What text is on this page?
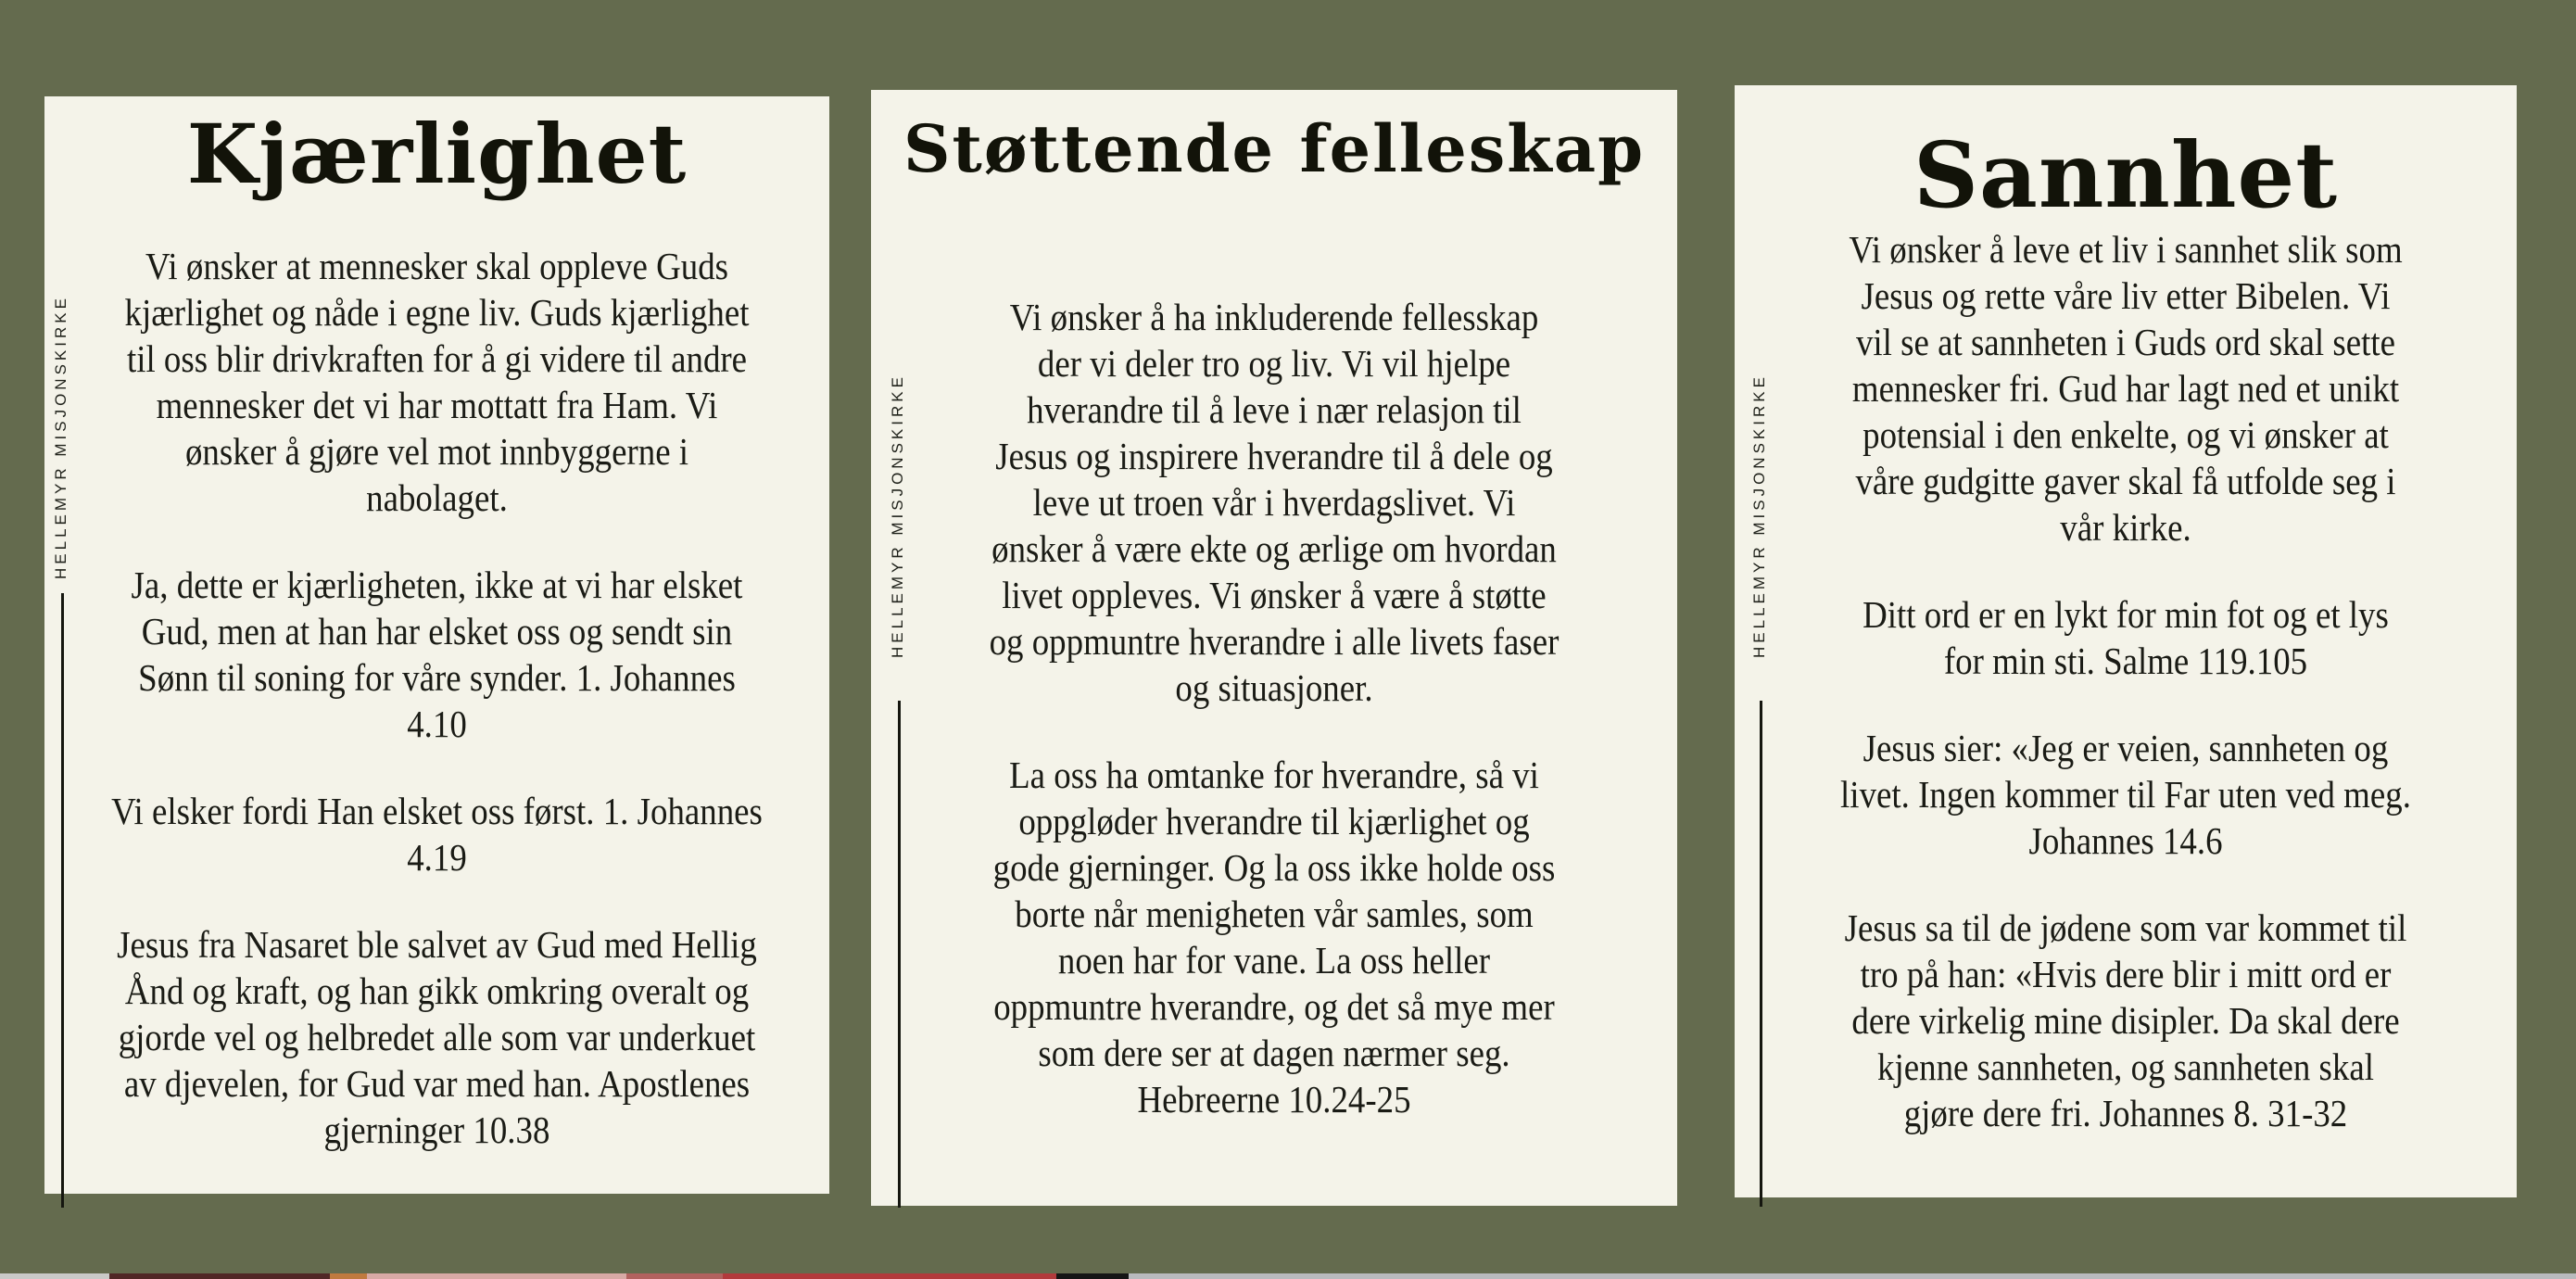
Kjærlighet
HELLEMYR MISJONSKIRKE
Vi ønsker at mennesker skal oppleve Guds
kjærlighet og nåde i egne liv. Guds kjærlighet
til oss blir drivkraften for å gi videre til andre
mennesker det vi har mottatt fra Ham. Vi
ønsker å gjøre vel mot innbyggerne i
nabolaget.
Ja, dette er kjærligheten, ikke at vi har elsket
Gud, men at han har elsket oss og sendt sin
Sønn til soning for våre synder. 1. Johannes
4.10
Vi elsker fordi Han elsket oss først. 1. Johannes
4.19
Jesus fra Nasaret ble salvet av Gud med Hellig
Ånd og kraft, og han gikk omkring overalt og
gjorde vel og helbredet alle som var underkuet
av djevelen, for Gud var med han. Apostlenes
gjerninger 10.38
Støttende felleskap
HELLEMYR MISJONSKIRKE
Vi ønsker å ha inkluderende fellesskap
der vi deler tro og liv. Vi vil hjelpe
hverandre til å leve i nær relasjon til
Jesus og inspirere hverandre til å dele og
leve ut troen vår i hverdagslivet. Vi
ønsker å være ekte og ærlige om hvordan
livet oppleves. Vi ønsker å være å støtte
og oppmuntre hverandre i alle livets faser
og situasjoner.
La oss ha omtanke for hverandre, så vi
oppgløder hverandre til kjærlighet og
gode gjerninger. Og la oss ikke holde oss
borte når menigheten vår samles, som
noen har for vane. La oss heller
oppmuntre hverandre, og det så mye mer
som dere ser at dagen nærmer seg.
Hebreerne 10.24-25
Sannhet
HELLEMYR MISJONSKIRKE
Vi ønsker å leve et liv i sannhet slik som
Jesus og rette våre liv etter Bibelen. Vi
vil se at sannheten i Guds ord skal sette
mennesker fri. Gud har lagt ned et unikt
potensial i den enkelte, og vi ønsker at
våre gudgitte gaver skal få utfolde seg i
vår kirke.
Ditt ord er en lykt for min fot og et lys
for min sti. Salme 119.105
Jesus sier: «Jeg er veien, sannheten og
livet. Ingen kommer til Far uten ved meg.
Johannes 14.6
Jesus sa til de jødene som var kommet til
tro på han: «Hvis dere blir i mitt ord er
dere virkelig mine disipler. Da skal dere
kjenne sannheten, og sannheten skal
gjøre dere fri. Johannes 8. 31-32
